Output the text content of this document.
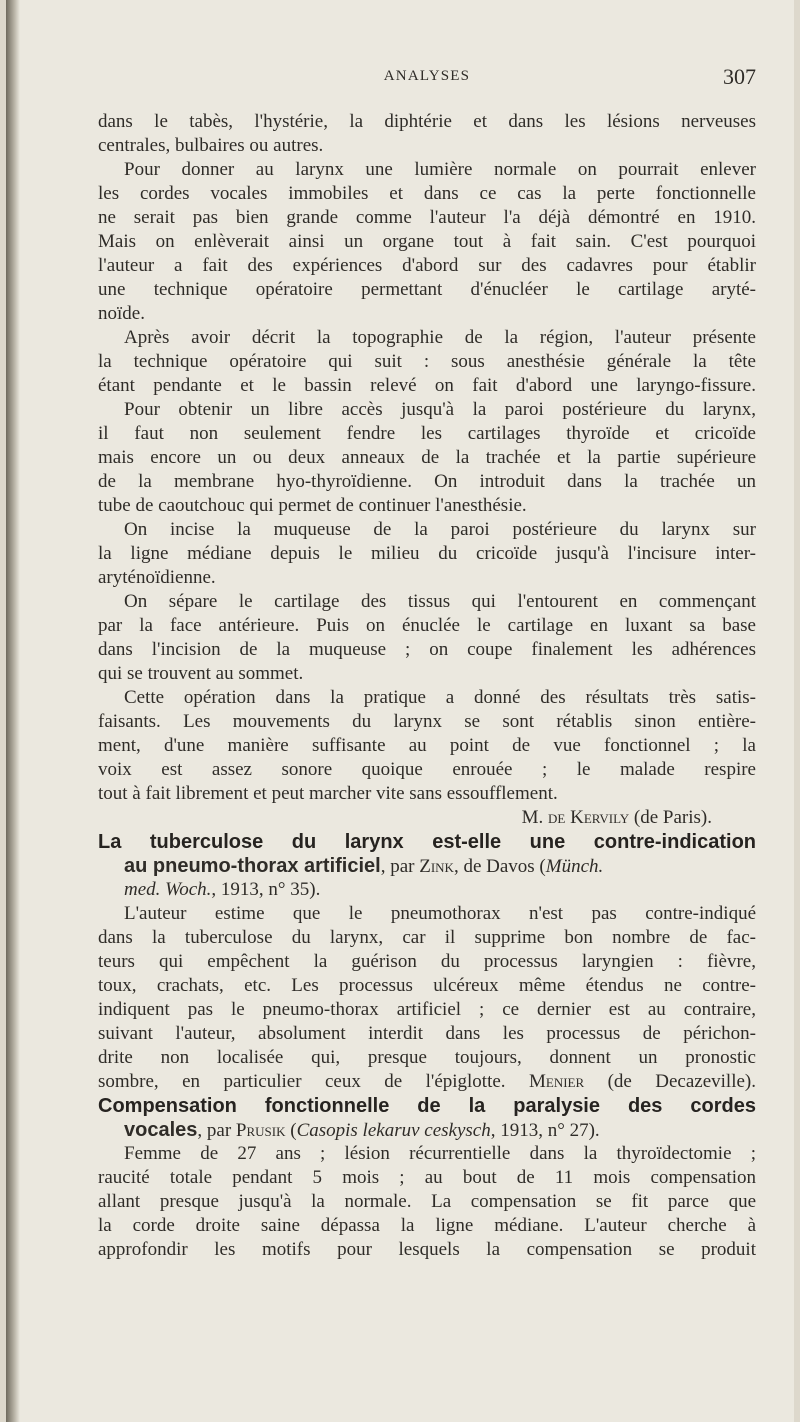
ANALYSES	307
dans le tabès, l'hystérie, la diphtérie et dans les lésions nerveuses
centrales, bulbaires ou autres.
Pour donner au larynx une lumière normale on pourrait enlever
les cordes vocales immobiles et dans ce cas la perte fonctionnelle
ne serait pas bien grande comme l'auteur l'a déjà démontré en 1910.
Mais on enlèverait ainsi un organe tout à fait sain. C'est pourquoi
l'auteur a fait des expériences d'abord sur des cadavres pour établir
une technique opératoire permettant d'énucléer le cartilage aryté-
noïde.
Après avoir décrit la topographie de la région, l'auteur présente
la technique opératoire qui suit : sous anesthésie générale la tête
étant pendante et le bassin relevé on fait d'abord une laryngo-fissure.
Pour obtenir un libre accès jusqu'à la paroi postérieure du larynx,
il faut non seulement fendre les cartilages thyroïde et cricoïde
mais encore un ou deux anneaux de la trachée et la partie supérieure
de la membrane hyo-thyroïdienne. On introduit dans la trachée un
tube de caoutchouc qui permet de continuer l'anesthésie.
On incise la muqueuse de la paroi postérieure du larynx sur
la ligne médiane depuis le milieu du cricoïde jusqu'à l'incisure inter-
aryténoïdienne.
On sépare le cartilage des tissus qui l'entourent en commençant
par la face antérieure. Puis on énuclée le cartilage en luxant sa base
dans l'incision de la muqueuse ; on coupe finalement les adhérences
qui se trouvent au sommet.
Cette opération dans la pratique a donné des résultats très satis-
faisants. Les mouvements du larynx se sont rétablis sinon entière-
ment, d'une manière suffisante au point de vue fonctionnel ; la
voix est assez sonore quoique enrouée ; le malade respire
tout à fait librement et peut marcher vite sans essoufflement.
M. de Kervily (de Paris).
La tuberculose du larynx est-elle une contre-indication
au pneumo-thorax artificiel, par Zink, de Davos (Münch.
med. Woch., 1913, n° 35).
L'auteur estime que le pneumothorax n'est pas contre-indiqué
dans la tuberculose du larynx, car il supprime bon nombre de fac-
teurs qui empêchent la guérison du processus laryngien : fièvre,
toux, crachats, etc. Les processus ulcéreux même étendus ne contre-
indiquent pas le pneumo-thorax artificiel ; ce dernier est au contraire,
suivant l'auteur, absolument interdit dans les processus de périchon-
drite non localisée qui, presque toujours, donnent un pronostic
sombre, en particulier ceux de l'épiglotte. Menier (de Decazeville).
Compensation fonctionnelle de la paralysie des cordes
vocales, par Prusik (Casopis lekaruv ceskysch, 1913, n° 27).
Femme de 27 ans ; lésion récurrentielle dans la thyroïdectomie ;
raucité totale pendant 5 mois ; au bout de 11 mois compensation
allant presque jusqu'à la normale. La compensation se fit parce que
la corde droite saine dépassa la ligne médiane. L'auteur cherche à
approfondir les motifs pour lesquels la compensation se produit
